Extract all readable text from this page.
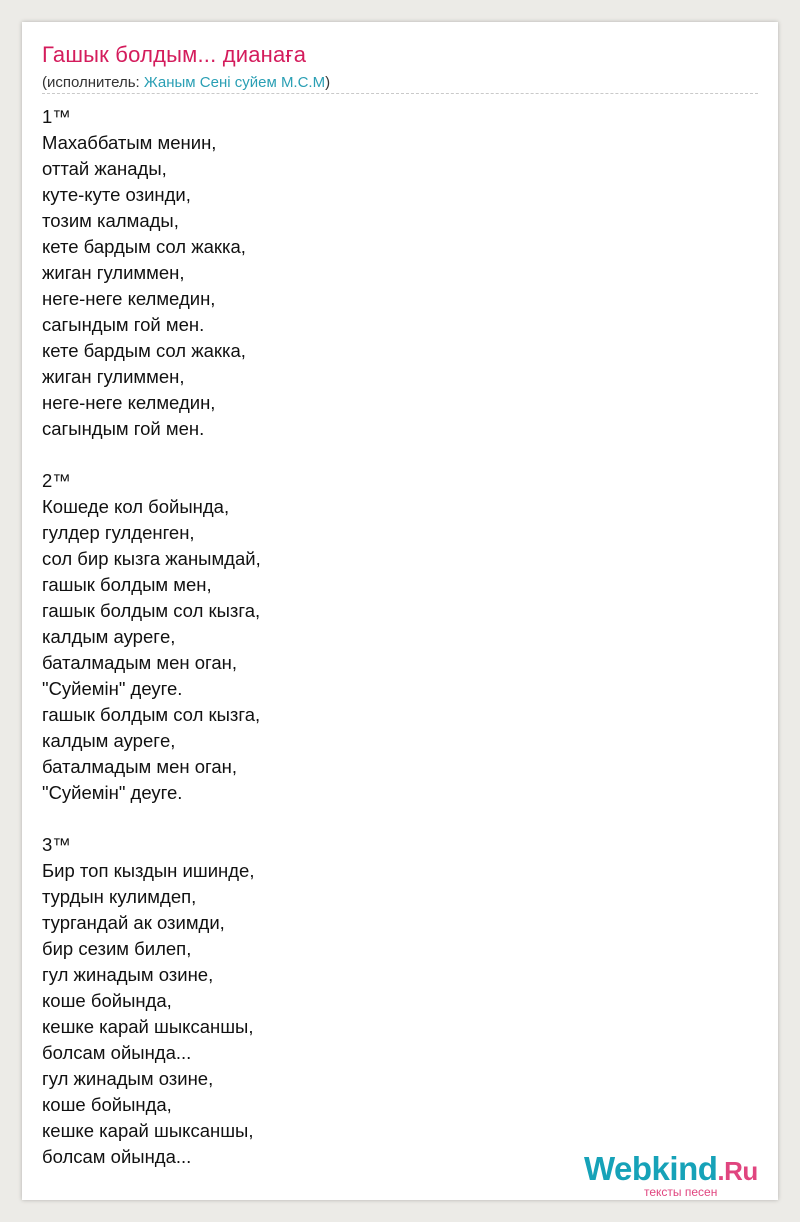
Гашык болдым... дианаға
(исполнитель: Жаным Сені суйем М.С.М)
1™
Махаббатым менин,
оттай жанады,
куте-куте озинди,
тозим калмады,
кете бардым сол жакка,
жиган гулиммен,
неге-неге келмедин,
сагындым гой мен.
кете бардым сол жакка,
жиган гулиммен,
неге-неге келмедин,
сагындым гой мен.
2™
Кошеде кол бойында,
гулдер гулденген,
сол бир кызга жанымдай,
гашык болдым мен,
гашык болдым сол кызга,
калдым аурегe,
баталмадым мен оган,
"Суйемін" деуге.
гашык болдым сол кызга,
калдым аурегe,
баталмадым мен оган,
"Суйемін" деуге.
3™
Бир топ кыздын ишинде,
турдын кулимдеп,
тургандай ак озимди,
бир сезим билеп,
гул жинадым озине,
коше бойында,
кешке карай шыксаншы,
болсам ойында...
гул жинадым озине,
коше бойында,
кешке карай шыксаншы,
болсам ойында...	Webkind.Ru
тексты песен
